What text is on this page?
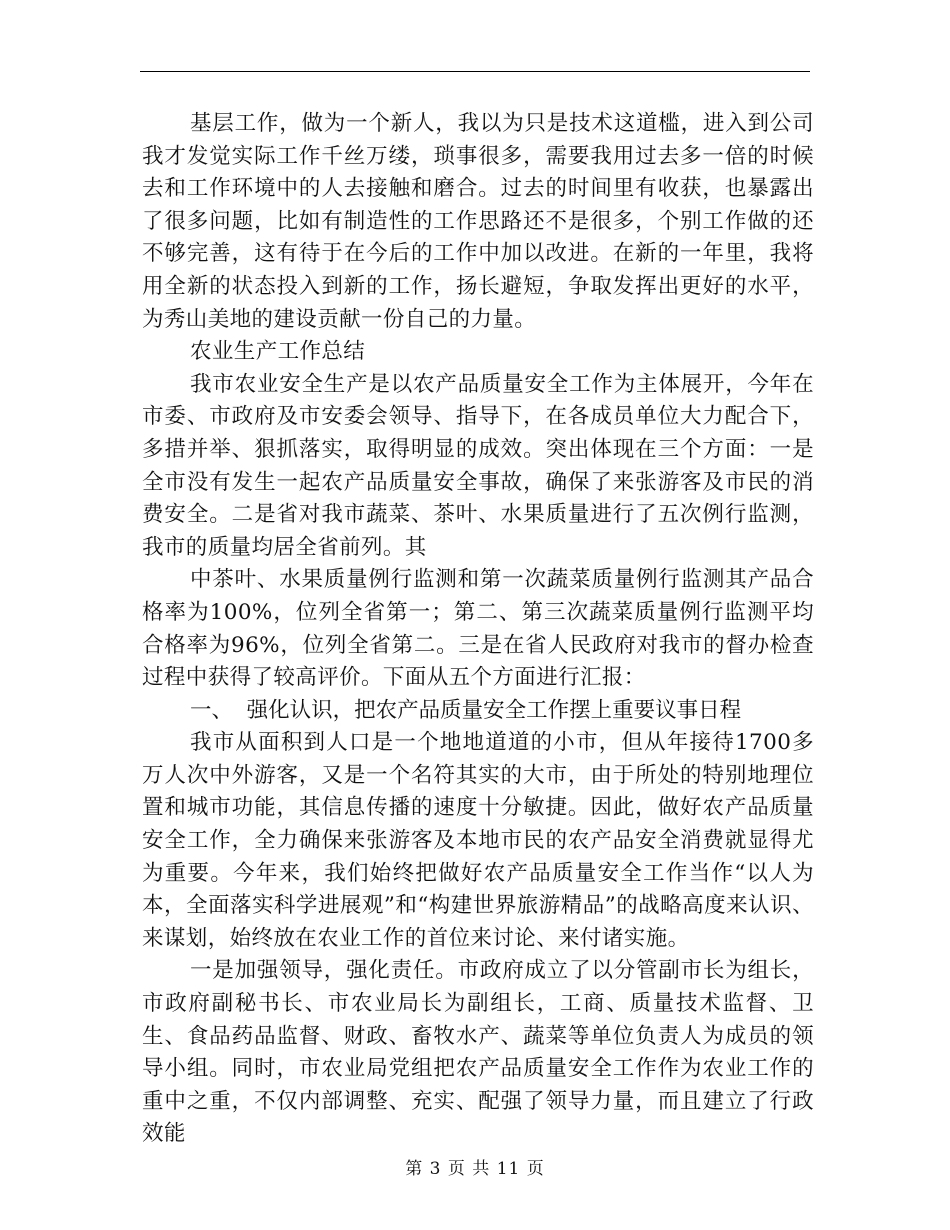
基层工作，做为一个新人，我以为只是技术这道槛，进入到公司我才发觉实际工作千丝万缕，琐事很多，需要我用过去多一倍的时候去和工作环境中的人去接触和磨合。过去的时间里有收获，也暴露出了很多问题，比如有制造性的工作思路还不是很多，个别工作做的还不够完善，这有待于在今后的工作中加以改进。在新的一年里，我将用全新的状态投入到新的工作，扬长避短，争取发挥出更好的水平，为秀山美地的建设贡献一份自己的力量。

农业生产工作总结

我市农业安全生产是以农产品质量安全工作为主体展开，今年在市委、市政府及市安委会领导、指导下，在各成员单位大力配合下，多措并举、狠抓落实，取得明显的成效。突出体现在三个方面：一是全市没有发生一起农产品质量安全事故，确保了来张游客及市民的消费安全。二是省对我市蔬菜、茶叶、水果质量进行了五次例行监测，我市的质量均居全省前列。其

中茶叶、水果质量例行监测和第一次蔬菜质量例行监测其产品合格率为100%，位列全省第一；第二、第三次蔬菜质量例行监测平均合格率为96%，位列全省第二。三是在省人民政府对我市的督办检查过程中获得了较高评价。下面从五个方面进行汇报：

一、  强化认识，把农产品质量安全工作摆上重要议事日程

我市从面积到人口是一个地地道道的小市，但从年接待1700多万人次中外游客，又是一个名符其实的大市，由于所处的特别地理位置和城市功能，其信息传播的速度十分敏捷。因此，做好农产品质量安全工作，全力确保来张游客及本地市民的农产品安全消费就显得尤为重要。今年来，我们始终把做好农产品质量安全工作当作“以人为本，全面落实科学进展观”和“构建世界旅游精品”的战略高度来认识、来谋划，始终放在农业工作的首位来讨论、来付诸实施。

一是加强领导，强化责任。市政府成立了以分管副市长为组长，市政府副秘书长、市农业局长为副组长，工商、质量技术监督、卫生、食品药品监督、财政、畜牧水产、蔬菜等单位负责人为成员的领导小组。同时，市农业局党组把农产品质量安全工作作为农业工作的重中之重，不仅内部调整、充实、配强了领导力量，而且建立了行政效能

第 3 页 共 11 页
